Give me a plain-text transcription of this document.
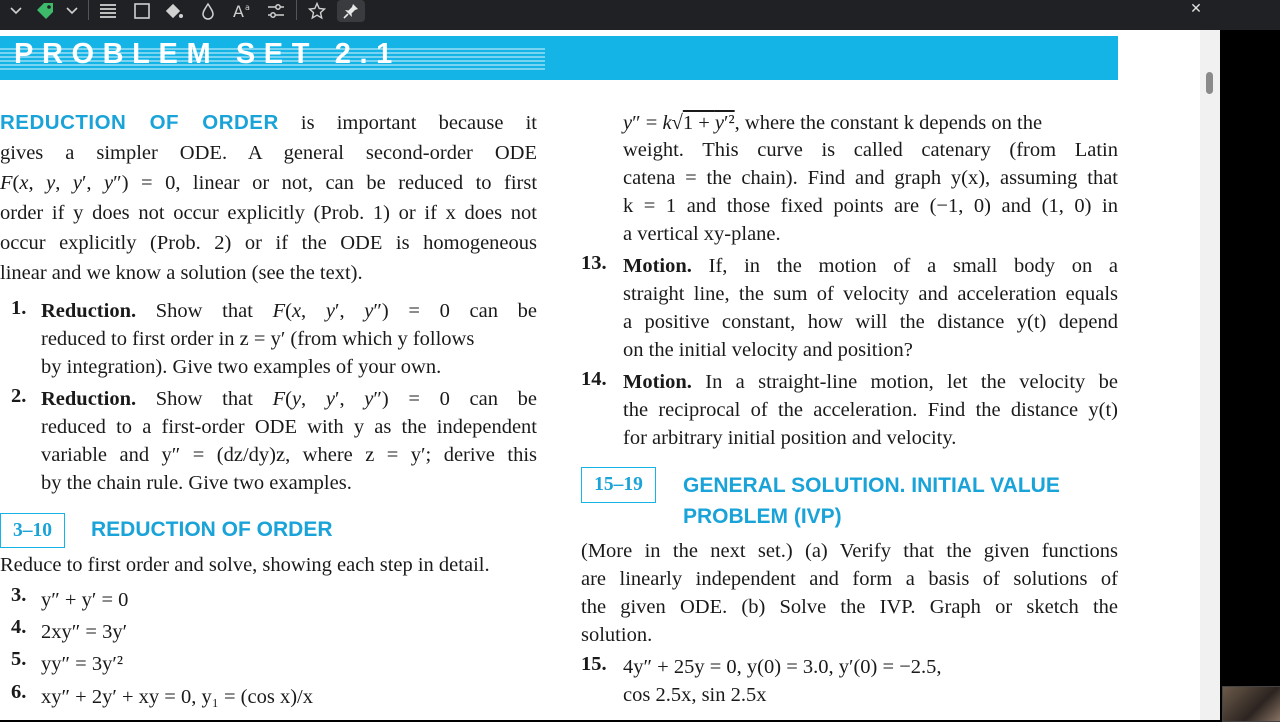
A a	✕
PROBLEM SET 2.1
REDUCTION OF ORDER is important because it
gives a simpler ODE. A general second-order ODE
F(x, y, y′, y″) = 0, linear or not, can be reduced to first
order if y does not occur explicitly (Prob. 1) or if x does not
occur explicitly (Prob. 2) or if the ODE is homogeneous
linear and we know a solution (see the text).
1. Reduction. Show that F(x, y′, y″) = 0 can be
reduced to first order in z = y′ (from which y follows
by integration). Give two examples of your own.
2. Reduction. Show that F(y, y′, y″) = 0 can be
reduced to a first-order ODE with y as the independent
variable and y″ = (dz/dy)z, where z = y′; derive this
by the chain rule. Give two examples.
3–10	REDUCTION OF ORDER
Reduce to first order and solve, showing each step in detail.
3. y″ + y′ = 0
4. 2xy″ = 3y′
5. yy″ = 3y′²
6. xy″ + 2y′ + xy = 0, y₁ = (cos x)/x
y″ = k√1 + y′², where the constant k depends on the
weight. This curve is called catenary (from Latin
catena = the chain). Find and graph y(x), assuming that
k = 1 and those fixed points are (−1, 0) and (1, 0) in
a vertical xy-plane.
13. Motion. If, in the motion of a small body on a
straight line, the sum of velocity and acceleration equals
a positive constant, how will the distance y(t) depend
on the initial velocity and position?
14. Motion. In a straight-line motion, let the velocity be
the reciprocal of the acceleration. Find the distance y(t)
for arbitrary initial position and velocity.
15–19	GENERAL SOLUTION. INITIAL VALUE
PROBLEM (IVP)
(More in the next set.) (a) Verify that the given functions
are linearly independent and form a basis of solutions of
the given ODE. (b) Solve the IVP. Graph or sketch the
solution.
15. 4y″ + 25y = 0, y(0) = 3.0, y′(0) = −2.5,
cos 2.5x, sin 2.5x
